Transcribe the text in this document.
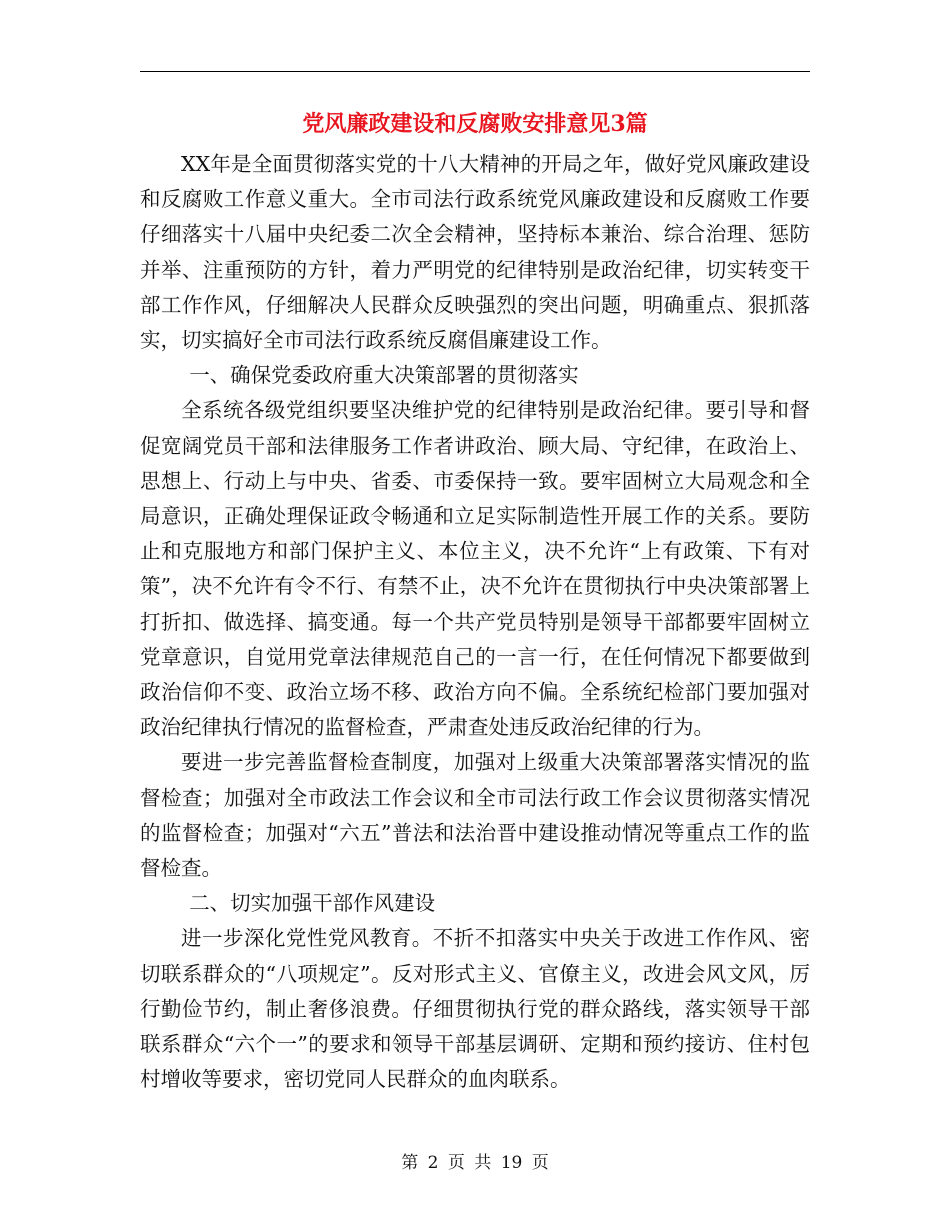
党风廉政建设和反腐败安排意见3篇

XX年是全面贯彻落实党的十八大精神的开局之年，做好党风廉政建设和反腐败工作意义重大。全市司法行政系统党风廉政建设和反腐败工作要仔细落实十八届中央纪委二次全会精神，坚持标本兼治、综合治理、惩防并举、注重预防的方针，着力严明党的纪律特别是政治纪律，切实转变干部工作作风，仔细解决人民群众反映强烈的突出问题，明确重点、狠抓落实，切实搞好全市司法行政系统反腐倡廉建设工作。

一、确保党委政府重大决策部署的贯彻落实

全系统各级党组织要坚决维护党的纪律特别是政治纪律。要引导和督促宽阔党员干部和法律服务工作者讲政治、顾大局、守纪律，在政治上、思想上、行动上与中央、省委、市委保持一致。要牢固树立大局观念和全局意识，正确处理保证政令畅通和立足实际制造性开展工作的关系。要防止和克服地方和部门保护主义、本位主义，决不允许“上有政策、下有对策”，决不允许有令不行、有禁不止，决不允许在贯彻执行中央决策部署上打折扣、做选择、搞变通。每一个共产党员特别是领导干部都要牢固树立党章意识，自觉用党章法律规范自己的一言一行，在任何情况下都要做到政治信仰不变、政治立场不移、政治方向不偏。全系统纪检部门要加强对政治纪律执行情况的监督检查，严肃查处违反政治纪律的行为。

要进一步完善监督检查制度，加强对上级重大决策部署落实情况的监督检查；加强对全市政法工作会议和全市司法行政工作会议贯彻落实情况的监督检查；加强对“六五”普法和法治晋中建设推动情况等重点工作的监督检查。

二、切实加强干部作风建设

进一步深化党性党风教育。不折不扣落实中央关于改进工作作风、密切联系群众的“八项规定”。反对形式主义、官僚主义，改进会风文风，厉行勤俭节约，制止奢侈浪费。仔细贯彻执行党的群众路线，落实领导干部联系群众“六个一”的要求和领导干部基层调研、定期和预约接访、住村包村增收等要求，密切党同人民群众的血肉联系。

第 2 页 共 19 页
